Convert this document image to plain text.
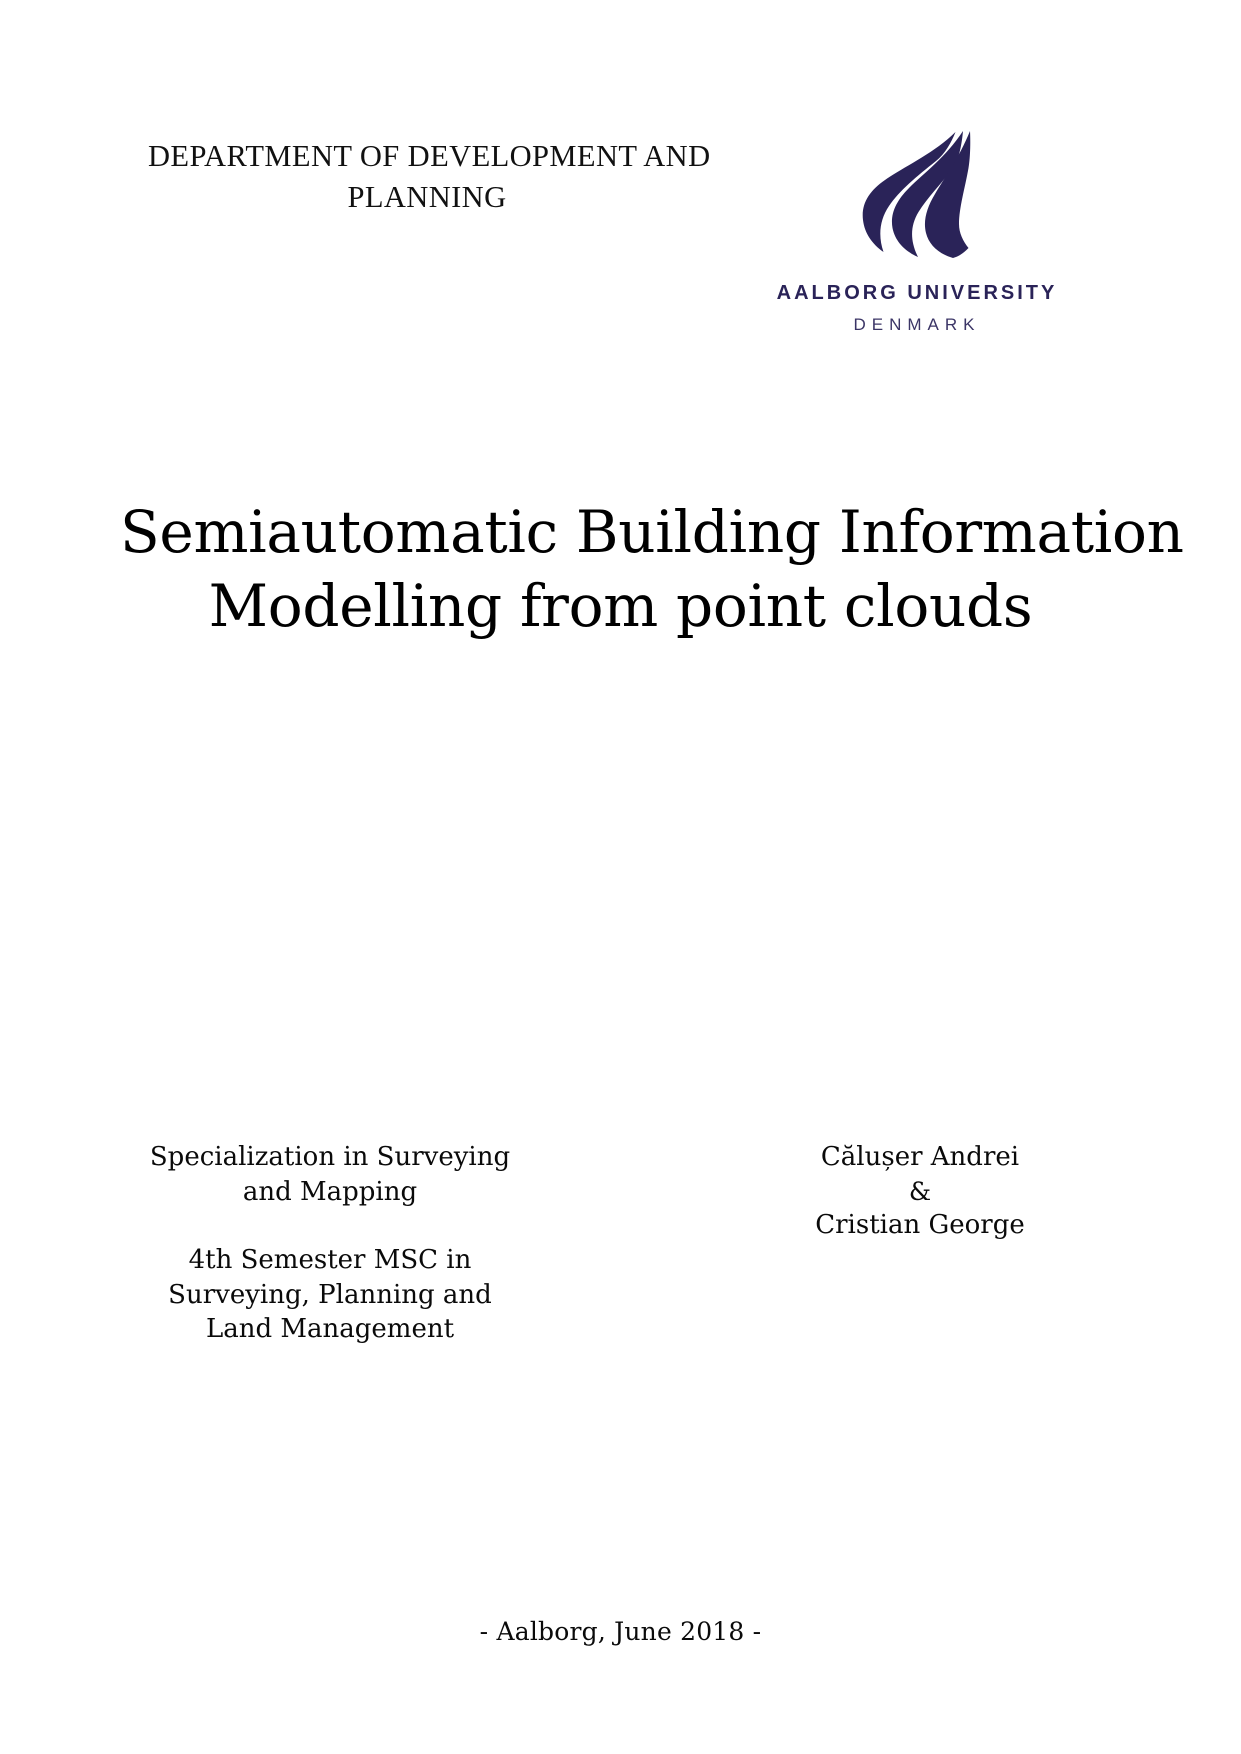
DEPARTMENT OF DEVELOPMENT AND
PLANNING
AALBORG UNIVERSITY
DENMARK
Semiautomatic Building Information
Modelling from point clouds
Specialization in Surveying
and Mapping
4th Semester MSC in
Surveying, Planning and
Land Management
Călușer Andrei
&
Cristian George
- Aalborg, June 2018 -
